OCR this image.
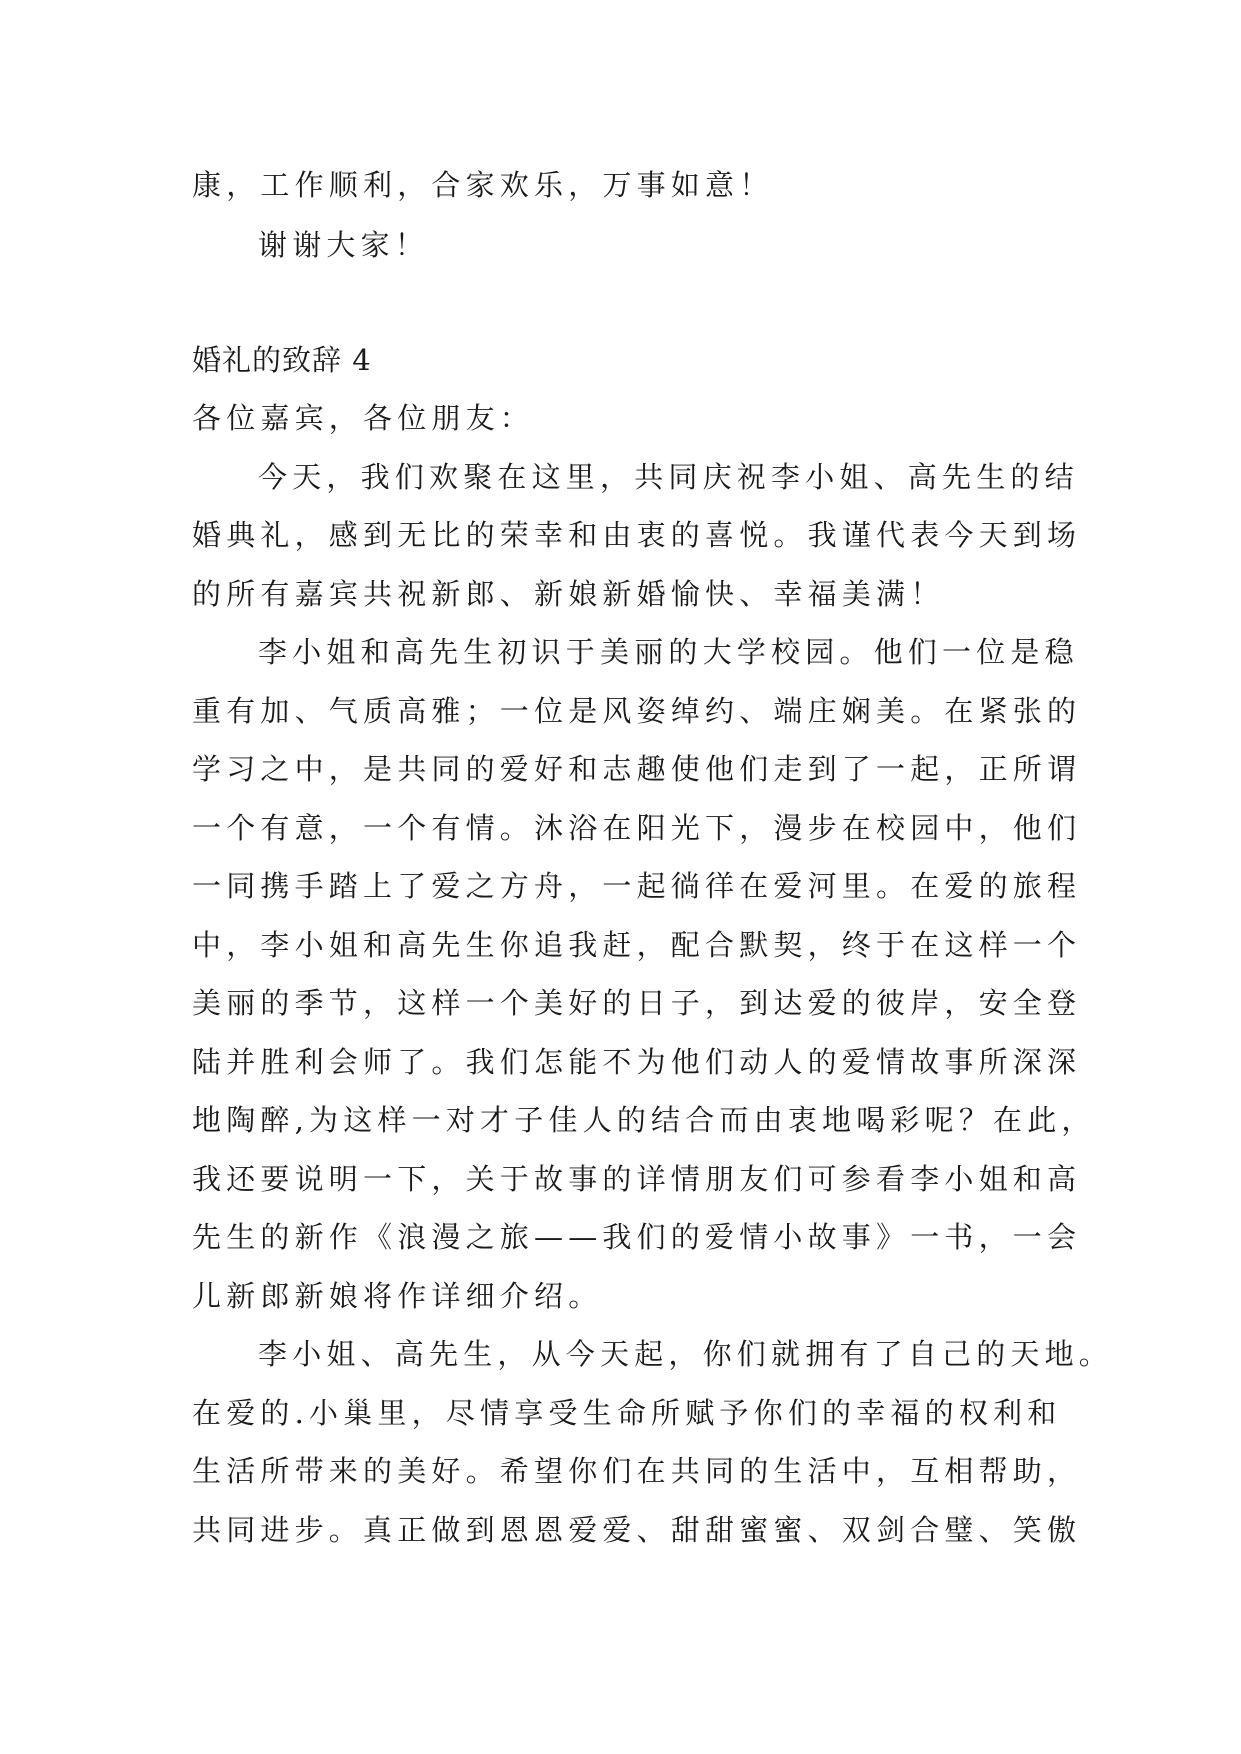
康，工作顺利，合家欢乐，万事如意！
谢谢大家！
婚礼的致辞 4
各位嘉宾，各位朋友：
今天，我们欢聚在这里，共同庆祝李小姐、高先生的结
婚典礼，感到无比的荣幸和由衷的喜悦。我谨代表今天到场
的所有嘉宾共祝新郎、新娘新婚愉快、幸福美满！
李小姐和高先生初识于美丽的大学校园。他们一位是稳
重有加、气质高雅；一位是风姿绰约、端庄娴美。在紧张的
学习之中，是共同的爱好和志趣使他们走到了一起，正所谓
一个有意，一个有情。沐浴在阳光下，漫步在校园中，他们
一同携手踏上了爱之方舟，一起徜徉在爱河里。在爱的旅程
中，李小姐和高先生你追我赶，配合默契，终于在这样一个
美丽的季节，这样一个美好的日子，到达爱的彼岸，安全登
陆并胜利会师了。我们怎能不为他们动人的爱情故事所深深
地陶醉,为这样一对才子佳人的结合而由衷地喝彩呢？在此，
我还要说明一下，关于故事的详情朋友们可参看李小姐和高
先生的新作《浪漫之旅——我们的爱情小故事》一书，一会
儿新郎新娘将作详细介绍。
李小姐、高先生，从今天起，你们就拥有了自己的天地。
在爱的.小巢里，尽情享受生命所赋予你们的幸福的权利和
生活所带来的美好。希望你们在共同的生活中，互相帮助，
共同进步。真正做到恩恩爱爱、甜甜蜜蜜、双剑合璧、笑傲
